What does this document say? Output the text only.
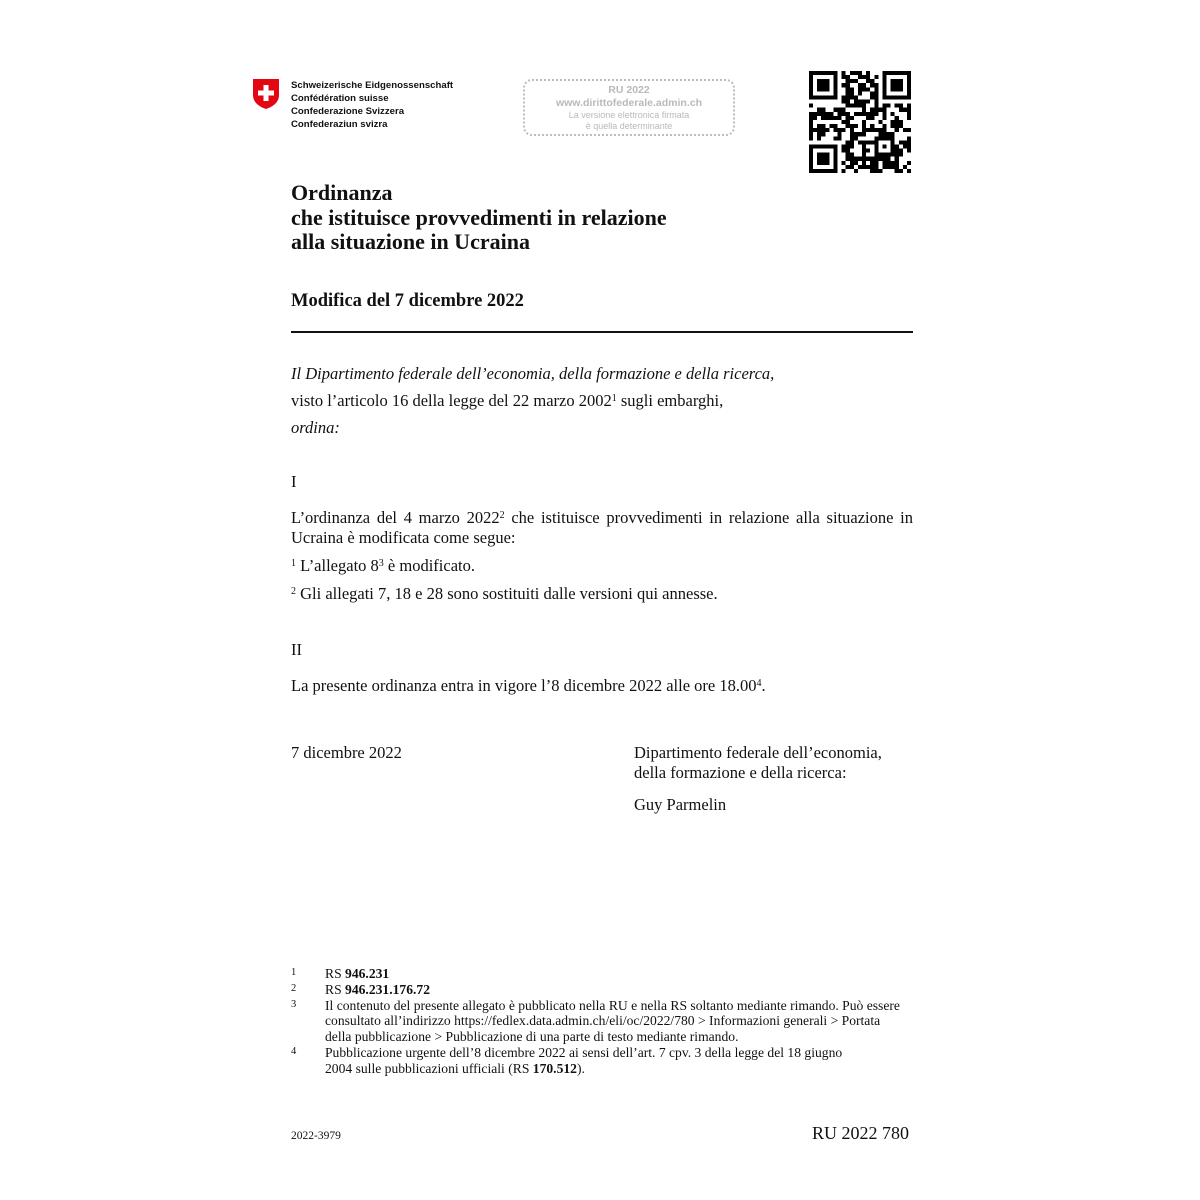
Schweizerische Eidgenossenschaft
Confédération suisse
Confederazione Svizzera
Confederaziun svizra
RU 2022
www.dirittofederale.admin.ch
La versione elettronica firmata
è quella determinante
Ordinanza
che istituisce provvedimenti in relazione
alla situazione in Ucraina
Modifica del 7 dicembre 2022
Il Dipartimento federale dell’economia, della formazione e della ricerca,
visto l’articolo 16 della legge del 22 marzo 2002$^1$ sugli embarghi,
ordina:
I
L’ordinanza del 4 marzo 2022$^2$ che istituisce provvedimenti in relazione alla situazione in Ucraina è modificata come segue:
$^1$ L’allegato $8^3$ è modificato.
$^2$ Gli allegati 7, 18 e 28 sono sostituiti dalle versioni qui annesse.
II
La presente ordinanza entra in vigore l’8 dicembre 2022 alle ore 18.00$^4$.
7 dicembre 2022	Dipartimento federale dell’economia,
della formazione e della ricerca:
Guy Parmelin
1	RS 946.231
2	RS 946.231.176.72
3	Il contenuto del presente allegato è pubblicato nella RU e nella RS soltanto mediante rimando. Può essere consultato all’indirizzo https://fedlex.data.admin.ch/eli/oc/2022/780 > Informazioni generali > Portata della pubblicazione > Pubblicazione di una parte di testo mediante rimando.
4	Pubblicazione urgente dell’8 dicembre 2022 ai sensi dell’art. 7 cpv. 3 della legge del 18 giugno 2004 sulle pubblicazioni ufficiali (RS 170.512).
2022-3979	RU 2022 780
